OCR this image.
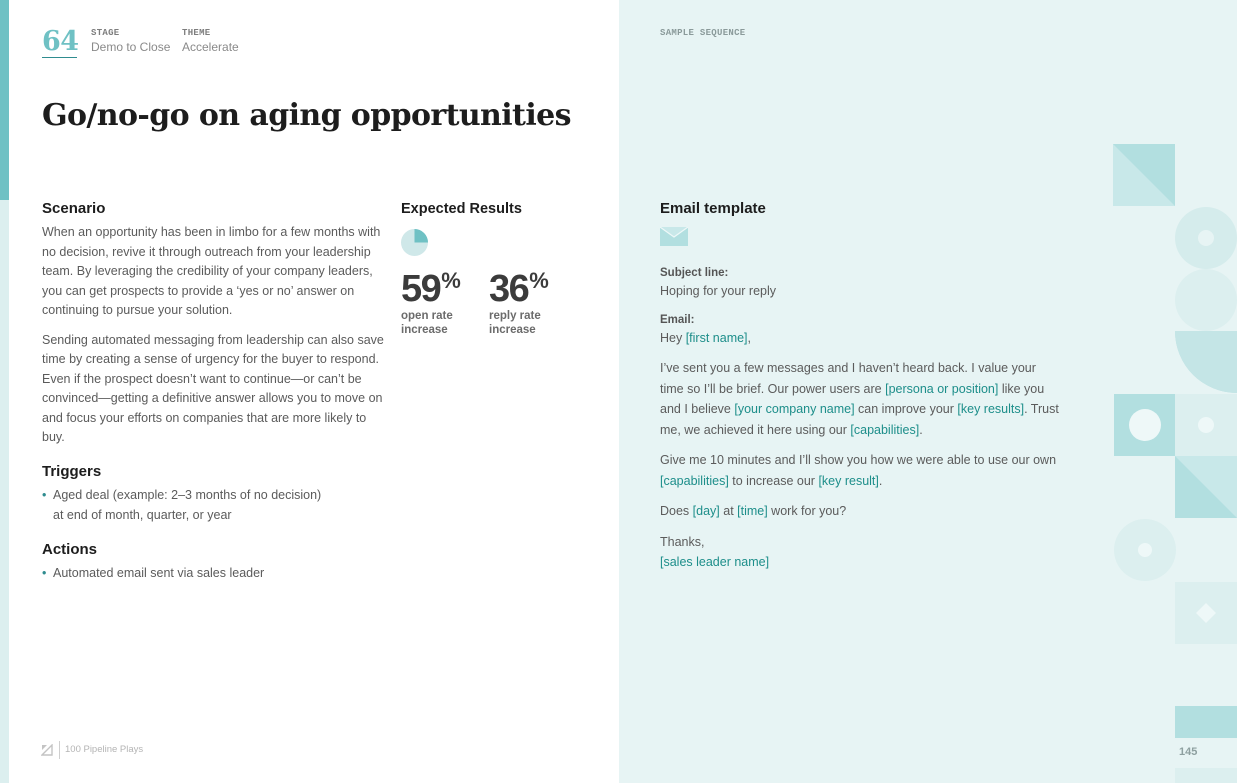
64 STAGE
Demo to Close
THEME
Accelerate
Go/no-go on aging opportunities
Scenario

When an opportunity has been in limbo for a few months with no decision, revive it through outreach from your leadership team. By leveraging the credibility of your company leaders, you can get prospects to provide a ‘yes or no’ answer on continuing to pursue your solution.

Sending automated messaging from leadership can also save time by creating a sense of urgency for the buyer to respond. Even if the prospect doesn’t want to continue—or can’t be convinced—getting a definitive answer allows you to move on and focus your efforts on companies that are more likely to buy.

Triggers
• Aged deal (example: 2–3 months of no decision)
at end of month, quarter, or year
Actions
• Automated email sent via sales leader
Expected Results
59%
open rate
increase
36%
reply rate
increase
100 Pipeline Plays
SAMPLE SEQUENCE
Email template
Subject line:
Hoping for your reply
Email:
Hey [first name],
I’ve sent you a few messages and I haven’t heard back. I value your time so I’ll be brief. Our power users are [persona or position] like you and I believe [your company name] can improve your [key results]. Trust me, we achieved it here using our [capabilities].
Give me 10 minutes and I’ll show you how we were able to use our own [capabilities] to increase our [key result].
Does [day] at [time] work for you?
Thanks,
[sales leader name]
145
